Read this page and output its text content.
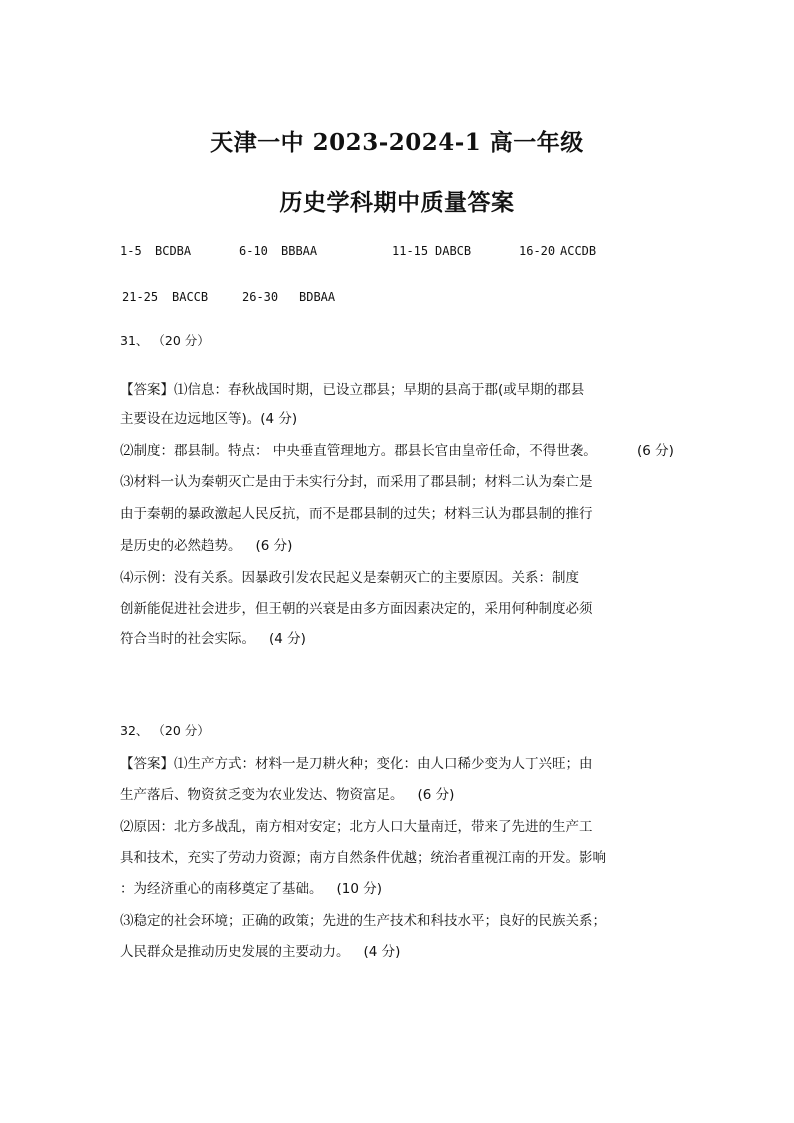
天津一中 2023-2024-1 高一年级
历史学科期中质量答案
1-5 BCDBA	6-10 BBBAA	11-15 DABCB	16-20 ACCDB
21-25 BACCB	26-30 BDBAA
31、 （20 分）
【答案】⑴信息：春秋战国时期，已设立郡县；早期的县高于郡(或早期的郡县
主要设在边远地区等)。(4 分)
⑵制度：郡县制。特点： 中央垂直管理地方。郡县长官由皇帝任命，不得世袭。	(6 分)
⑶材料一认为秦朝灭亡是由于未实行分封，而采用了郡县制；材料二认为秦亡是
由于秦朝的暴政激起人民反抗，而不是郡县制的过失；材料三认为郡县制的推行
是历史的必然趋势。 (6 分)
⑷示例：没有关系。因暴政引发农民起义是秦朝灭亡的主要原因。关系：制度
创新能促进社会进步，但王朝的兴衰是由多方面因素决定的，采用何种制度必须
符合当时的社会实际。 (4 分)
32、 （20 分）
【答案】⑴生产方式：材料一是刀耕火种；变化：由人口稀少变为人丁兴旺；由
生产落后、物资贫乏变为农业发达、物资富足。 (6 分)
⑵原因：北方多战乱，南方相对安定；北方人口大量南迁，带来了先进的生产工
具和技术，充实了劳动力资源；南方自然条件优越；统治者重视江南的开发。影响
：为经济重心的南移奠定了基础。 (10 分)
⑶稳定的社会环境；正确的政策；先进的生产技术和科技水平；良好的民族关系；
人民群众是推动历史发展的主要动力。 (4 分)
